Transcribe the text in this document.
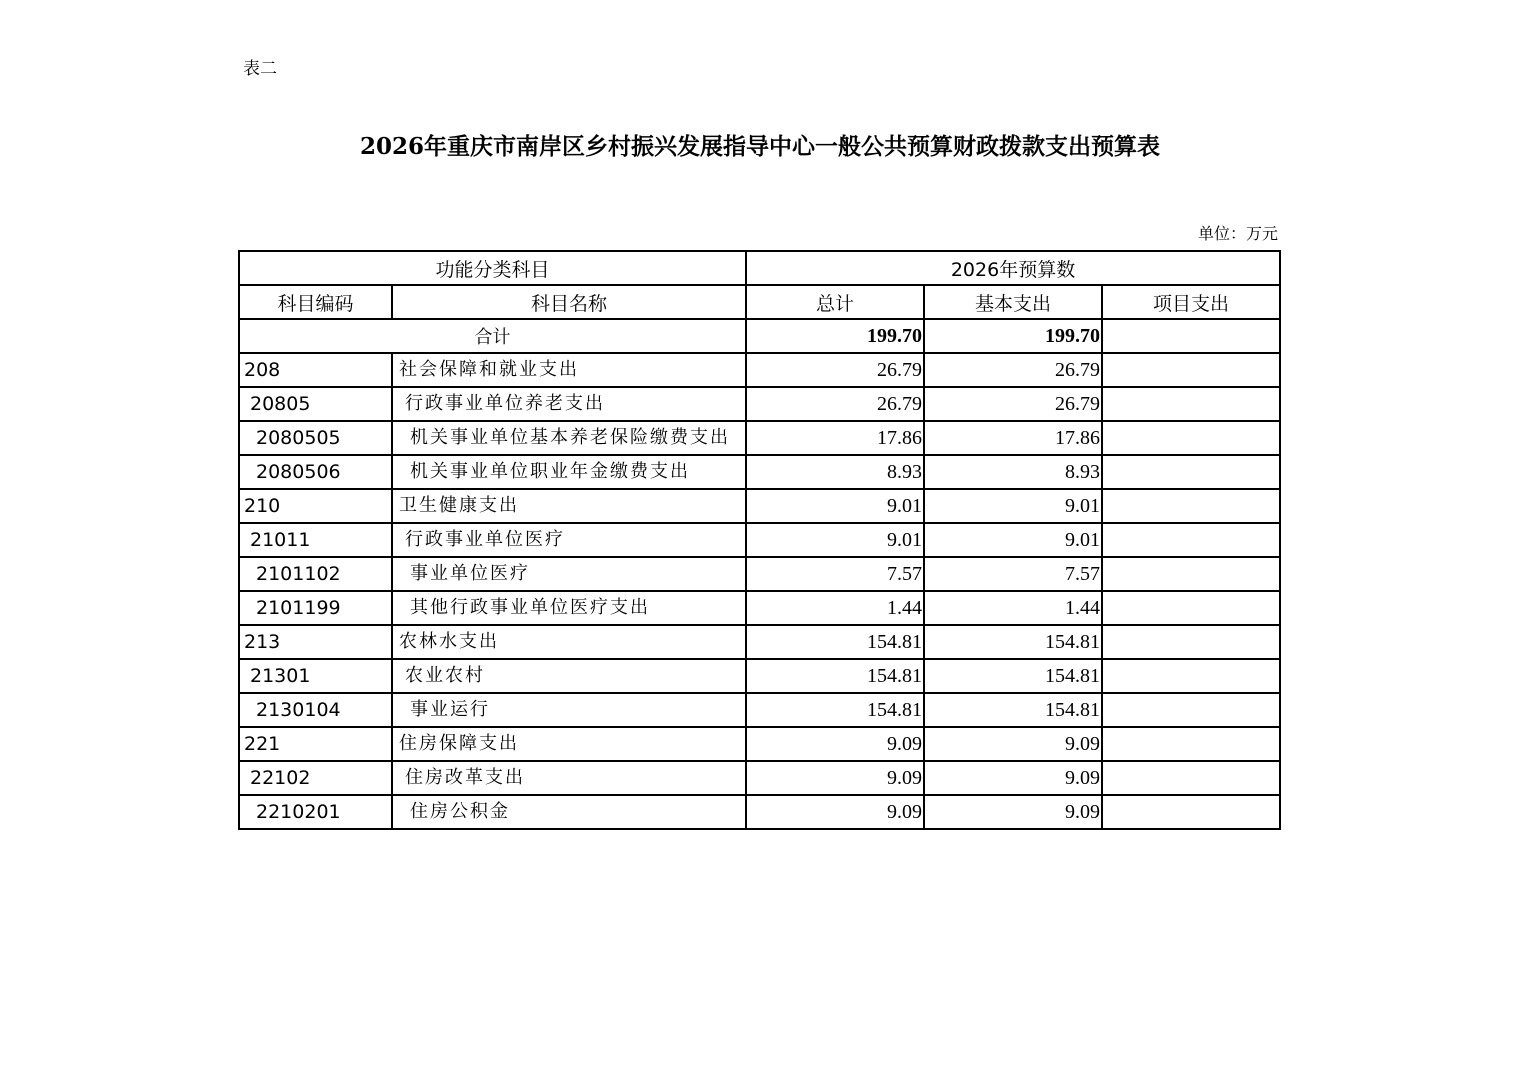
表二
2026年重庆市南岸区乡村振兴发展指导中心一般公共预算财政拨款支出预算表
单位：万元
功能分类科目		2026年预算数		
科目编码	科目名称	总计	基本支出	项目支出
合计		199.70	199.70	
208	社会保障和就业支出	26.79	26.79	
20805	行政事业单位养老支出	26.79	26.79	
2080505	机关事业单位基本养老保险缴费支出	17.86	17.86	
2080506	机关事业单位职业年金缴费支出	8.93	8.93	
210	卫生健康支出	9.01	9.01	
21011	行政事业单位医疗	9.01	9.01	
2101102	事业单位医疗	7.57	7.57	
2101199	其他行政事业单位医疗支出	1.44	1.44	
213	农林水支出	154.81	154.81	
21301	农业农村	154.81	154.81	
2130104	事业运行	154.81	154.81	
221	住房保障支出	9.09	9.09	
22102	住房改革支出	9.09	9.09	
2210201	住房公积金	9.09	9.09	
